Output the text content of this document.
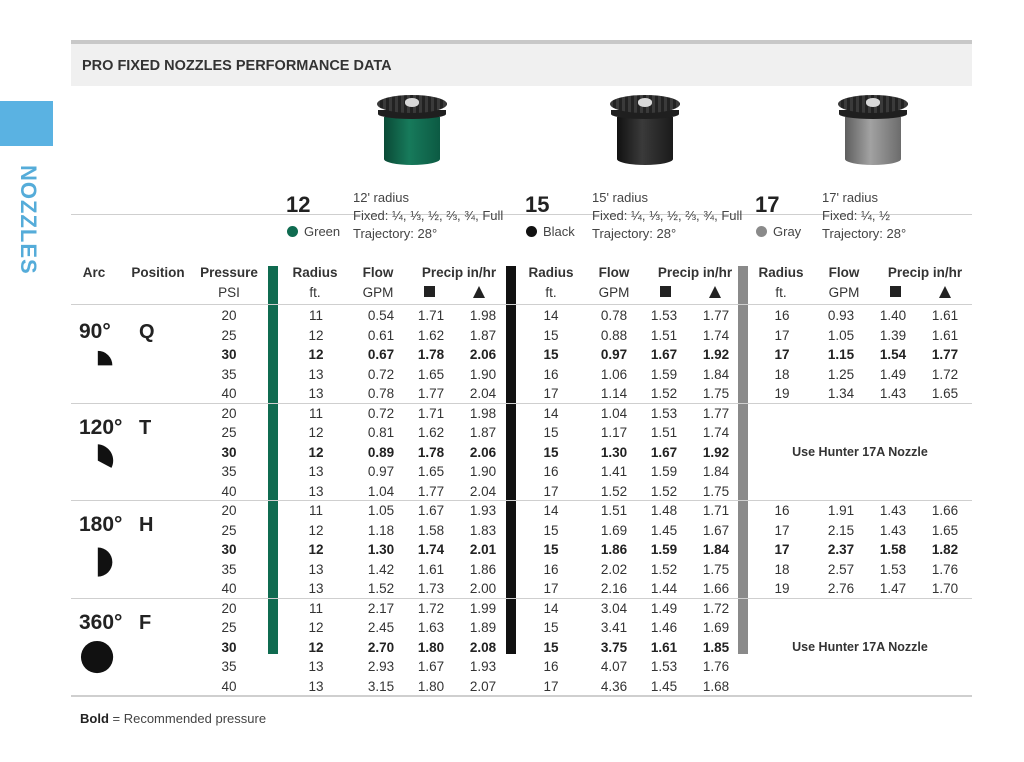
NOZZLES
PRO FIXED NOZZLES PERFORMANCE DATA
12
Green
12' radius
Fixed: ¼, ⅓, ½, ⅔, ¾, Full
Trajectory: 28°
15
Black
15' radius
Fixed: ¼, ⅓, ½, ⅔, ¾, Full
Trajectory: 28°
17
Gray
17' radius
Fixed: ¼, ½
Trajectory: 28°
Arc Position	Pressure
PSI
Radius
ft.
Flow
GPM
Precip in/hr	Radius
ft.
Flow
GPM
Precip in/hr	Radius
ft.
Flow
GPM
Precip in/hr
90° Q
20	11	0.54	1.71	1.98	14	0.78	1.53	1.77	16	0.93	1.40	1.61
25	12	0.61	1.62	1.87	15	0.88	1.51	1.74	17	1.05	1.39	1.61
30	12	0.67	1.78	2.06	15	0.97	1.67	1.92	17	1.15	1.54	1.77
35	13	0.72	1.65	1.90	16	1.06	1.59	1.84	18	1.25	1.49	1.72
40	13	0.78	1.77	2.04	17	1.14	1.52	1.75	19	1.34	1.43	1.65
120° T
20	11	0.72	1.71	1.98	14	1.04	1.53	1.77
25	12	0.81	1.62	1.87	15	1.17	1.51	1.74
30	12	0.89	1.78	2.06	15	1.30	1.67	1.92
35	13	0.97	1.65	1.90	16	1.41	1.59	1.84
40	13	1.04	1.77	2.04	17	1.52	1.52	1.75
Use Hunter 17A Nozzle
180° H
20	11	1.05	1.67	1.93	14	1.51	1.48	1.71	16	1.91	1.43	1.66
25	12	1.18	1.58	1.83	15	1.69	1.45	1.67	17	2.15	1.43	1.65
30	12	1.30	1.74	2.01	15	1.86	1.59	1.84	17	2.37	1.58	1.82
35	13	1.42	1.61	1.86	16	2.02	1.52	1.75	18	2.57	1.53	1.76
40	13	1.52	1.73	2.00	17	2.16	1.44	1.66	19	2.76	1.47	1.70
360° F
20	11	2.17	1.72	1.99	14	3.04	1.49	1.72
25	12	2.45	1.63	1.89	15	3.41	1.46	1.69
30	12	2.70	1.80	2.08	15	3.75	1.61	1.85
35	13	2.93	1.67	1.93	16	4.07	1.53	1.76
40	13	3.15	1.80	2.07	17	4.36	1.45	1.68
Use Hunter 17A Nozzle
Bold = Recommended pressure
